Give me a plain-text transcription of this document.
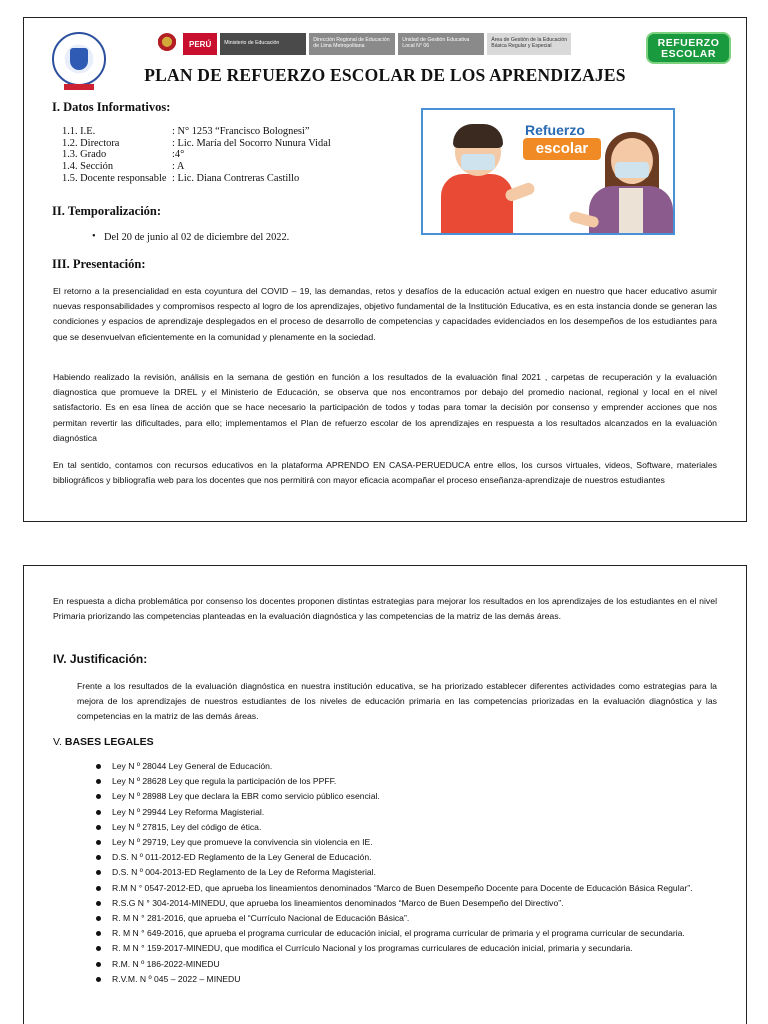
PERÚ	Ministerio de Educación	Dirección Regional de Educación de Lima Metropolitana
Unidad de Gestión Educativa Local N° 06
Área de Gestión de la Educación Básica Regular y Especial	REFUERZO ESCOLAR
PLAN DE REFUERZO ESCOLAR DE LOS APRENDIZAJES
I. Datos Informativos:
1.1. I.E.	: N° 1253 “Francisco Bolognesi”
1.2. Directora	: Lic. María del Socorro Nunura Vidal
1.3. Grado	:4°
1.4. Sección	: A
1.5. Docente responsable : Lic. Diana Contreras Castillo
Refuerzo
escolar
II. Temporalización:
• Del 20 de junio al 02 de diciembre del 2022.
III. Presentación:

El retorno a la presencialidad en esta coyuntura del COVID – 19, las demandas, retos y desafíos de la educación actual exigen en nuestro que hacer educativo asumir nuevas responsabilidades y compromisos respecto al logro de los aprendizajes, objetivo fundamental de la Institución Educativa, es en esta instancia donde se generan las condiciones y espacios de aprendizaje desplegados en el proceso de desarrollo de competencias y capacidades evidenciados en los desempeños de los estudiantes para que se desenvuelvan eficientemente en la comunidad y plenamente en la sociedad.

Habiendo realizado la revisión, análisis en la semana de gestión en función a los resultados de la evaluación final 2021 , carpetas de recuperación y la evaluación diagnostica que promueve la DREL y el Ministerio de Educación, se observa que nos encontramos por debajo del promedio nacional, regional y local en el nivel satisfactorio. Es en esa línea de acción que se hace necesario la participación de todos y todas para tomar la decisión por consenso y emprender acciones que nos permitan revertir las dificultades, para ello; implementamos el Plan de refuerzo escolar de los aprendizajes en respuesta a los resultados alcanzados en la evaluación diagnóstica

En tal sentido, contamos con recursos educativos en la plataforma APRENDO EN CASA-PERUEDUCA entre ellos, los cursos virtuales, videos, Software, materiales bibliográficos y bibliografía web para los docentes que nos permitirá con mayor eficacia acompañar el proceso enseñanza-aprendizaje de nuestros estudiantes

En respuesta a dicha problemática por consenso los docentes proponen distintas estrategias para mejorar los resultados en los aprendizajes de los estudiantes en el nivel Primaria priorizando las competencias planteadas en la evaluación diagnóstica y las competencias de la matriz de las demás áreas.

IV. Justificación:

Frente a los resultados de la evaluación diagnóstica en nuestra institución educativa, se ha priorizado establecer diferentes actividades como estrategias para la mejora de los aprendizajes de nuestros estudiantes de los niveles de educación primaria en las competencias priorizadas en la evaluación diagnóstica y las competencias en la matriz de las demás áreas.

V. BASES LEGALES
Ley N º 28044 Ley General de Educación.
Ley N º 28628 Ley que regula la participación de los PPFF.
Ley N º 28988 Ley que declara la EBR como servicio público esencial.
Ley N º 29944 Ley Reforma Magisterial.
Ley N º 27815, Ley del código de ética.
Ley N º 29719, Ley que promueve la convivencia sin violencia en IE.
D.S. N º 011-2012-ED Reglamento de la Ley General de Educación.
D.S. N º 004-2013-ED Reglamento de la Ley de Reforma Magisterial.
R.M N ° 0547-2012-ED, que aprueba los lineamientos denominados “Marco de Buen Desempeño Docente para Docente de Educación Básica Regular”.
R.S.G N ° 304-2014-MINEDU, que aprueba los lineamientos denominados “Marco de Buen Desempeño del Directivo”.
R. M N ° 281-2016, que aprueba el “Currículo Nacional de Educación Básica”.
R. M N ° 649-2016, que aprueba el programa curricular de educación inicial, el programa curricular de primaria y el programa curricular de secundaria.
R. M N ° 159-2017-MINEDU, que modifica el Currículo Nacional y los programas curriculares de educación inicial, primaria y secundaria.
R.M. N º 186-2022-MINEDU
R.V.M. N º 045 – 2022 – MINEDU
